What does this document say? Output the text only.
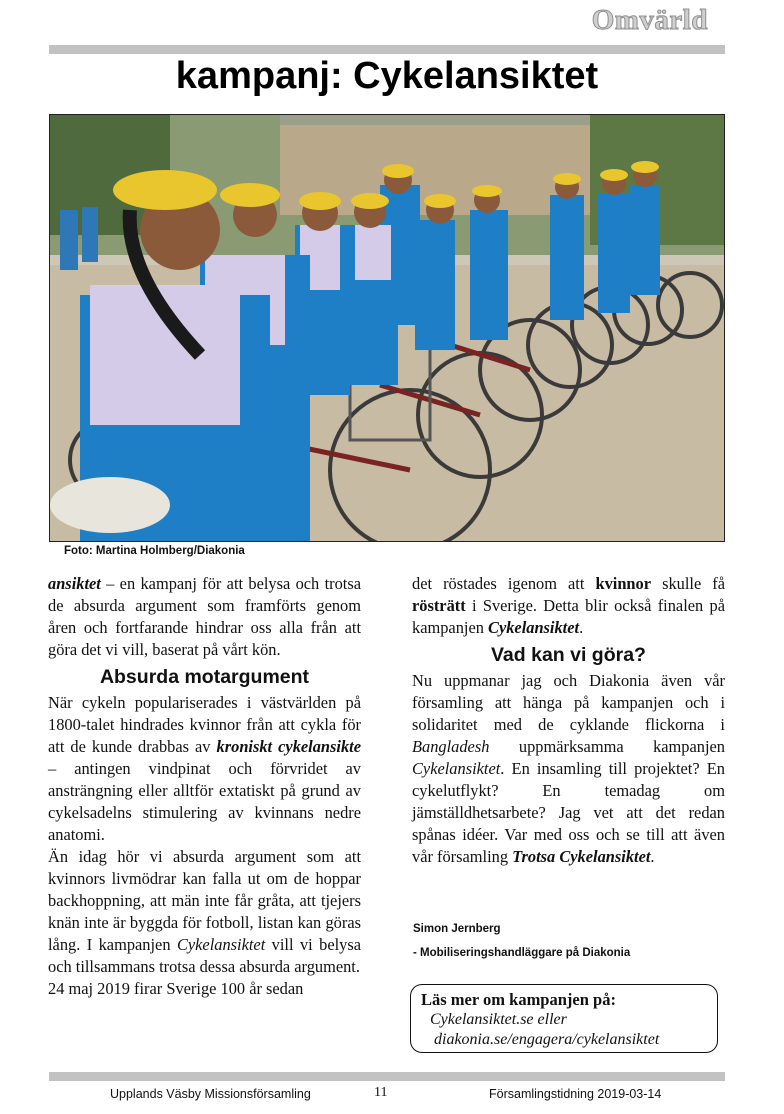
Omvärld
kampanj: Cykelansiktet
Foto: Martina Holmberg/Diakonia

ansiktet – en kampanj för att belysa och trotsa de absurda argument som framförts genom åren och fortfarande hindrar oss alla från att göra det vi vill, baserat på vårt kön.

Absurda motargument

När cykeln populariserades i västvärlden på 1800-talet hindrades kvinnor från att cykla för att de kunde drabbas av kroniskt cykelansikte – antingen vindpinat och förvridet av ansträngning eller alltför extatiskt på grund av cykelsadelns stimulering av kvinnans nedre anatomi.

Än idag hör vi absurda argument som att kvinnors livmödrar kan falla ut om de hoppar backhoppning, att män inte får gråta, att tjejers knän inte är byggda för fotboll, listan kan göras lång. I kampanjen Cykelansiktet vill vi belysa och tillsammans trotsa dessa absurda argument.

24 maj 2019 firar Sverige 100 år sedan

det röstades igenom att kvinnor skulle få rösträtt i Sverige. Detta blir också finalen på kampanjen Cykelansiktet.

Vad kan vi göra?

Nu uppmanar jag och Diakonia även vår församling att hänga på kampanjen och i solidaritet med de cyklande flickorna i Bangladesh uppmärksamma kampanjen Cykelansiktet. En insamling till projektet? En cykelutflykt? En temadag om jämställdhetsarbete? Jag vet att det redan spånas idéer. Var med oss och se till att även vår församling Trotsa Cykelansiktet.

Simon Jernberg
- Mobiliseringshandläggare på Diakonia
Läs mer om kampanjen på:
Cykelansiktet.se eller
diakonia.se/engagera/cykelansiktet
Upplands Väsby Missionsförsamling	11	Församlingstidning 2019-03-14
